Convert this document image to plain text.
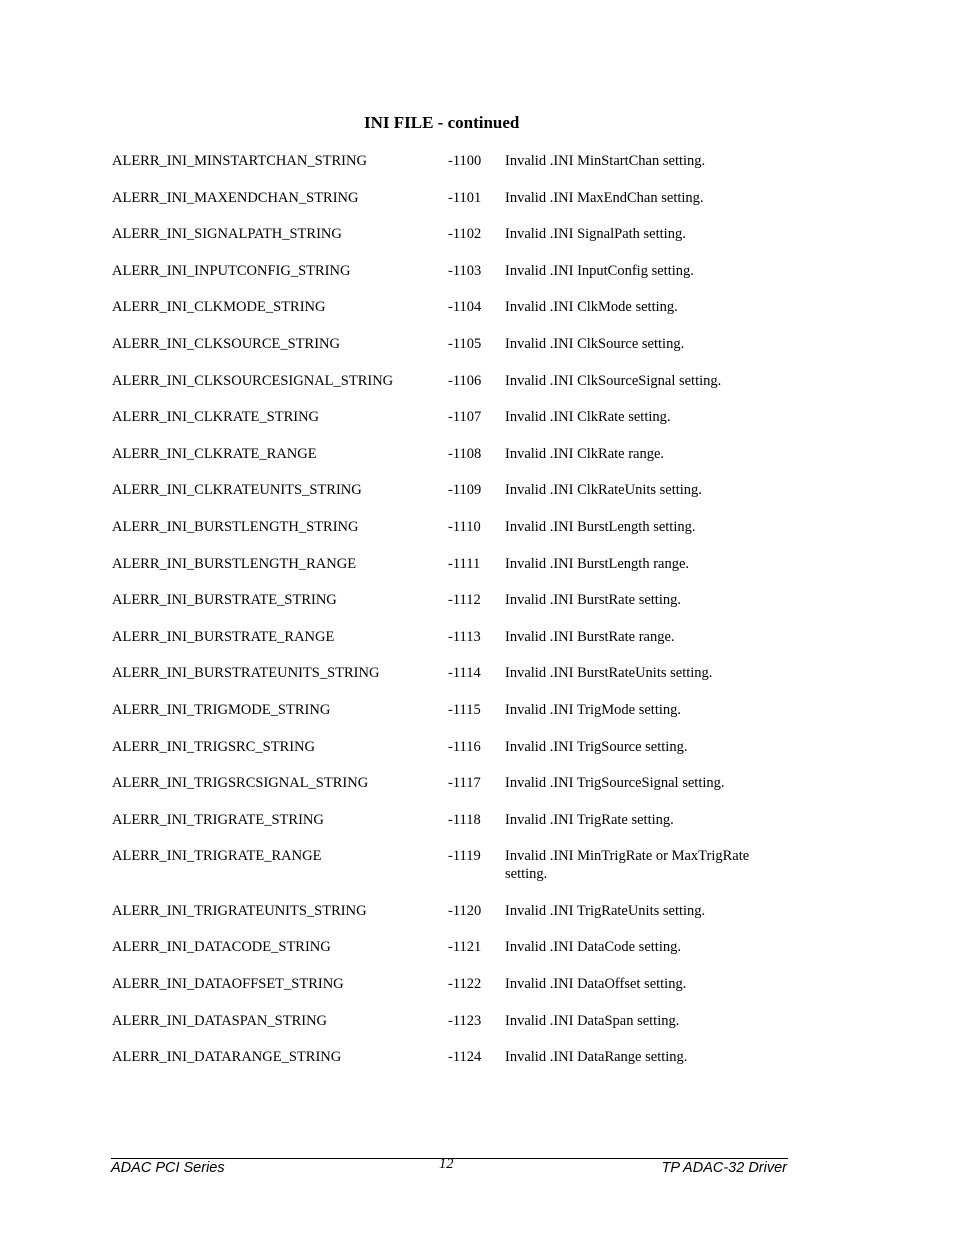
INI FILE - continued
ALERR_INI_MINSTARTCHAN_STRING	-1100 Invalid .INI MinStartChan setting.
ALERR_INI_MAXENDCHAN_STRING	-1101 Invalid .INI MaxEndChan setting.
ALERR_INI_SIGNALPATH_STRING	-1102 Invalid .INI SignalPath setting.
ALERR_INI_INPUTCONFIG_STRING	-1103 Invalid .INI InputConfig setting.
ALERR_INI_CLKMODE_STRING	-1104 Invalid .INI ClkMode setting.
ALERR_INI_CLKSOURCE_STRING	-1105 Invalid .INI ClkSource setting.
ALERR_INI_CLKSOURCESIGNAL_STRING	-1106 Invalid .INI ClkSourceSignal setting.
ALERR_INI_CLKRATE_STRING	-1107 Invalid .INI ClkRate setting.
ALERR_INI_CLKRATE_RANGE	-1108 Invalid .INI ClkRate range.
ALERR_INI_CLKRATEUNITS_STRING	-1109 Invalid .INI ClkRateUnits setting.
ALERR_INI_BURSTLENGTH_STRING	-1110 Invalid .INI BurstLength setting.
ALERR_INI_BURSTLENGTH_RANGE	-1111 Invalid .INI BurstLength range.
ALERR_INI_BURSTRATE_STRING	-1112 Invalid .INI BurstRate setting.
ALERR_INI_BURSTRATE_RANGE	-1113 Invalid .INI BurstRate range.
ALERR_INI_BURSTRATEUNITS_STRING	-1114 Invalid .INI BurstRateUnits setting.
ALERR_INI_TRIGMODE_STRING	-1115 Invalid .INI TrigMode setting.
ALERR_INI_TRIGSRC_STRING	-1116 Invalid .INI TrigSource setting.
ALERR_INI_TRIGSRCSIGNAL_STRING	-1117 Invalid .INI TrigSourceSignal setting.
ALERR_INI_TRIGRATE_STRING	-1118 Invalid .INI TrigRate setting.
ALERR_INI_TRIGRATE_RANGE	-1119 Invalid .INI MinTrigRate or MaxTrigRate setting.
ALERR_INI_TRIGRATEUNITS_STRING	-1120 Invalid .INI TrigRateUnits setting.
ALERR_INI_DATACODE_STRING	-1121 Invalid .INI DataCode setting.
ALERR_INI_DATAOFFSET_STRING	-1122 Invalid .INI DataOffset setting.
ALERR_INI_DATASPAN_STRING	-1123 Invalid .INI DataSpan setting.
ALERR_INI_DATARANGE_STRING	-1124 Invalid .INI DataRange setting.
ADAC PCI Series	12	TP ADAC-32 Driver
